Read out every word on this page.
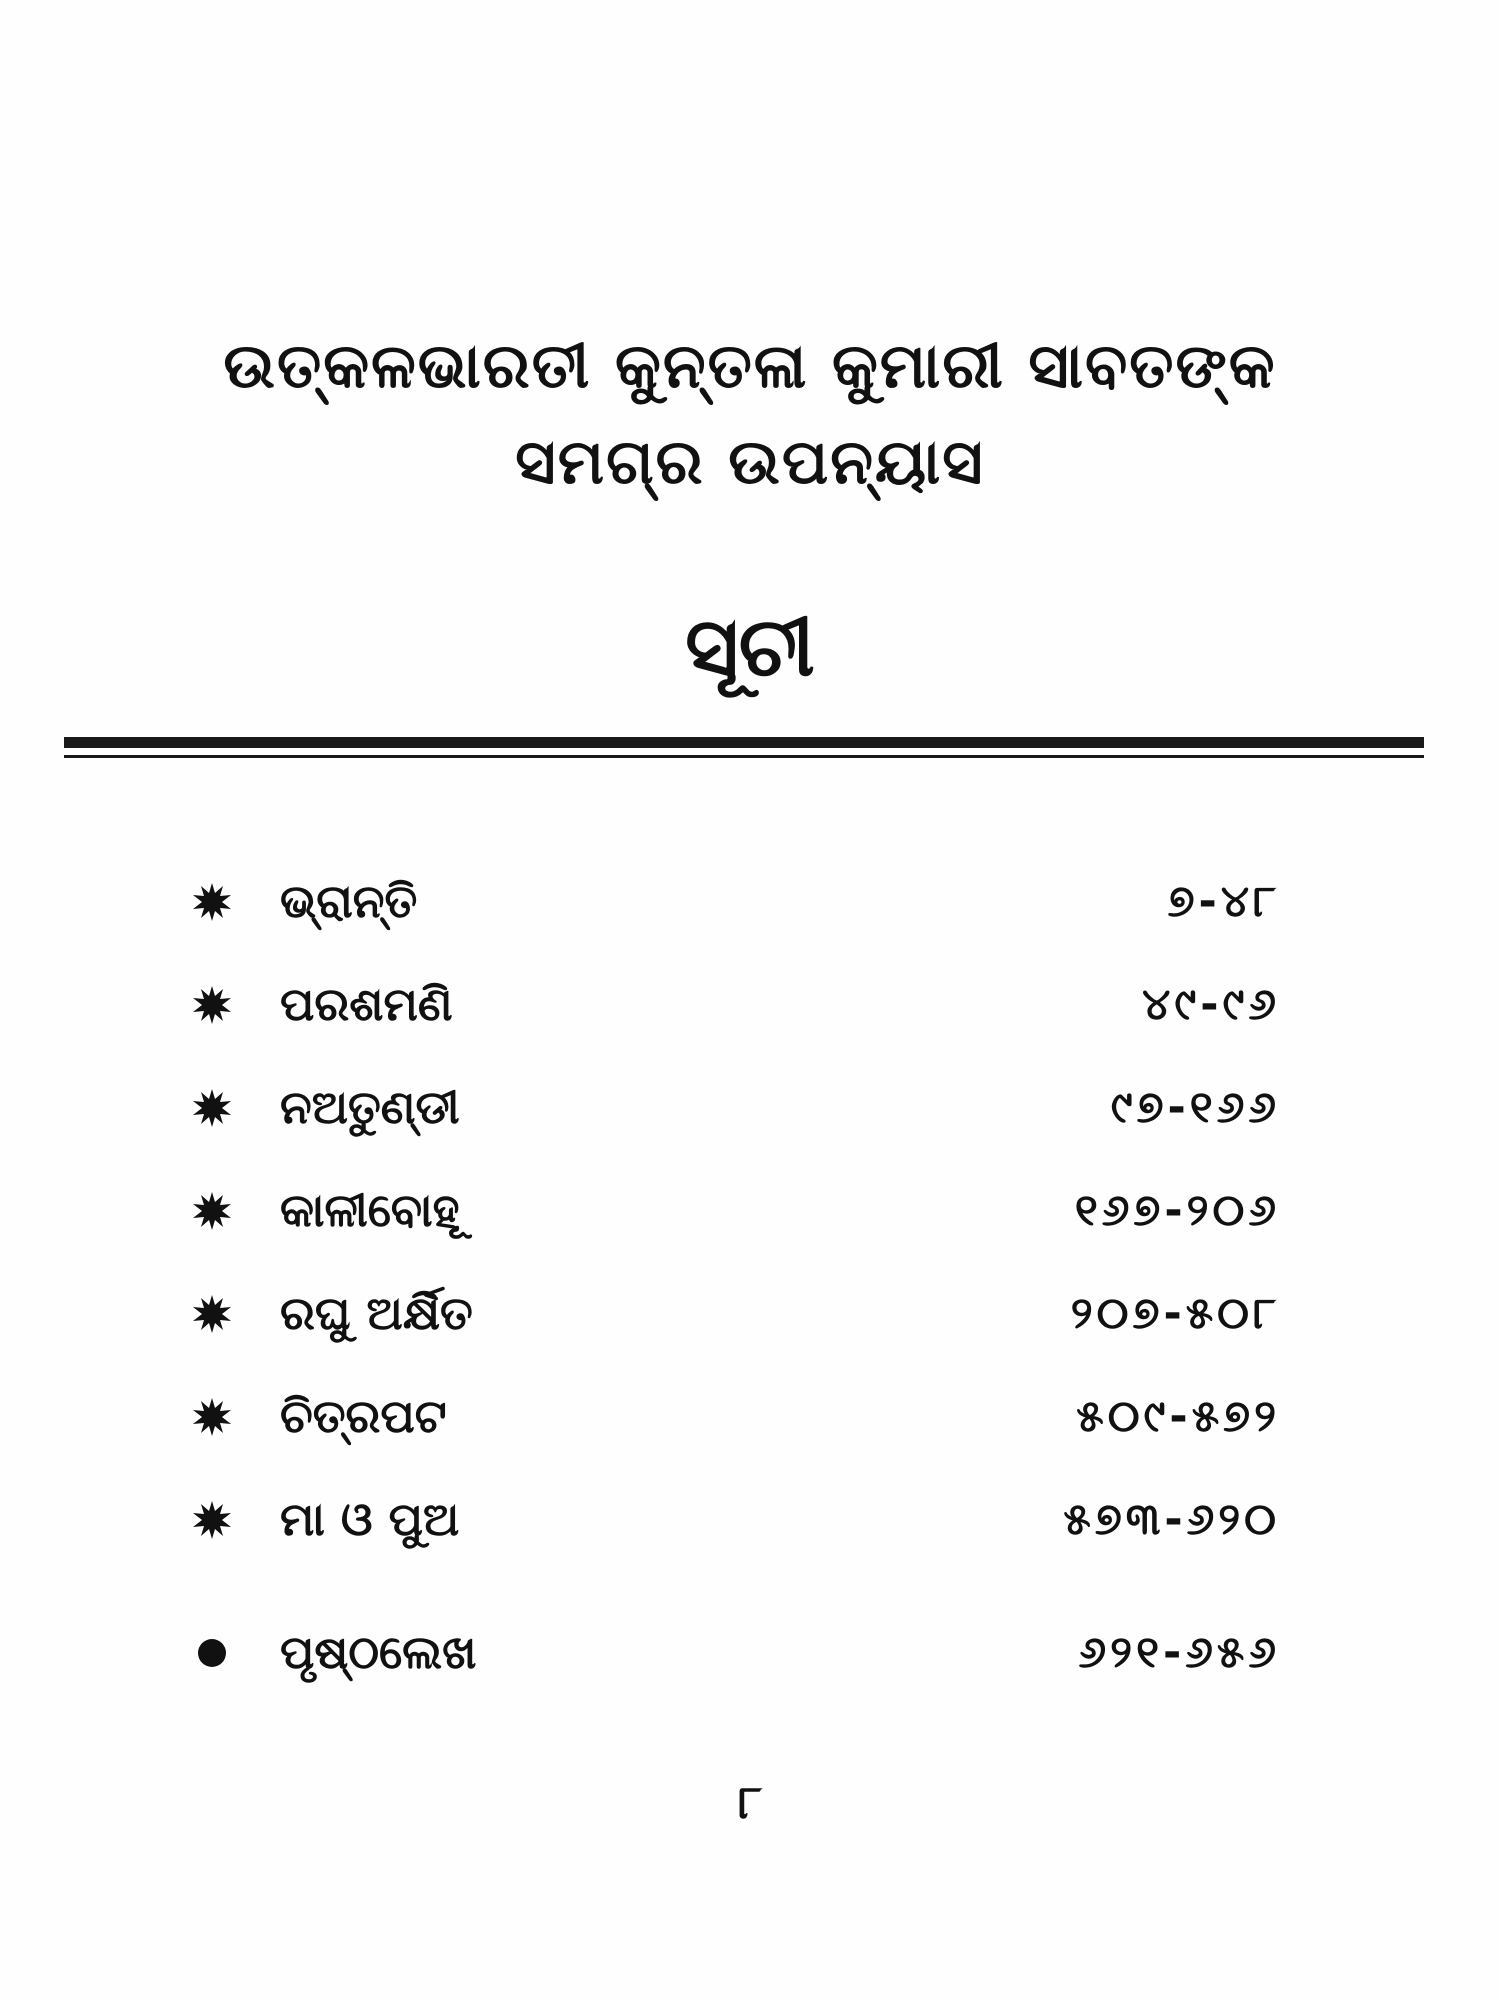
ଉତ୍କଳଭାରତୀ କୁନ୍ତଳା କୁମାରୀ ସାବତଙ୍କ
ସମଗ୍ର ଉପନ୍ୟାସ
ସୂଚୀ
ଭ୍ରାନ୍ତି	୭-୪୮
ପରଶମଣି	୪୯-୯୬
ନଅତୁଣ୍ଡୀ	୯୭-୧୬୬
କାଳୀବୋହୂ	୧୬୭-୨୦୬
ରଘୁ ଅର୍କ୍ଷିତ	୨୦୭-୫୦୮
ଚିତ୍ରପଟ	୫୦୯-୫୭୨
ମା ଓ ପୁଅ	୫୭୩-୬୨୦
ପୃଷ୍ଠଲେଖ	୬୨୧-୬୫୬
୮
